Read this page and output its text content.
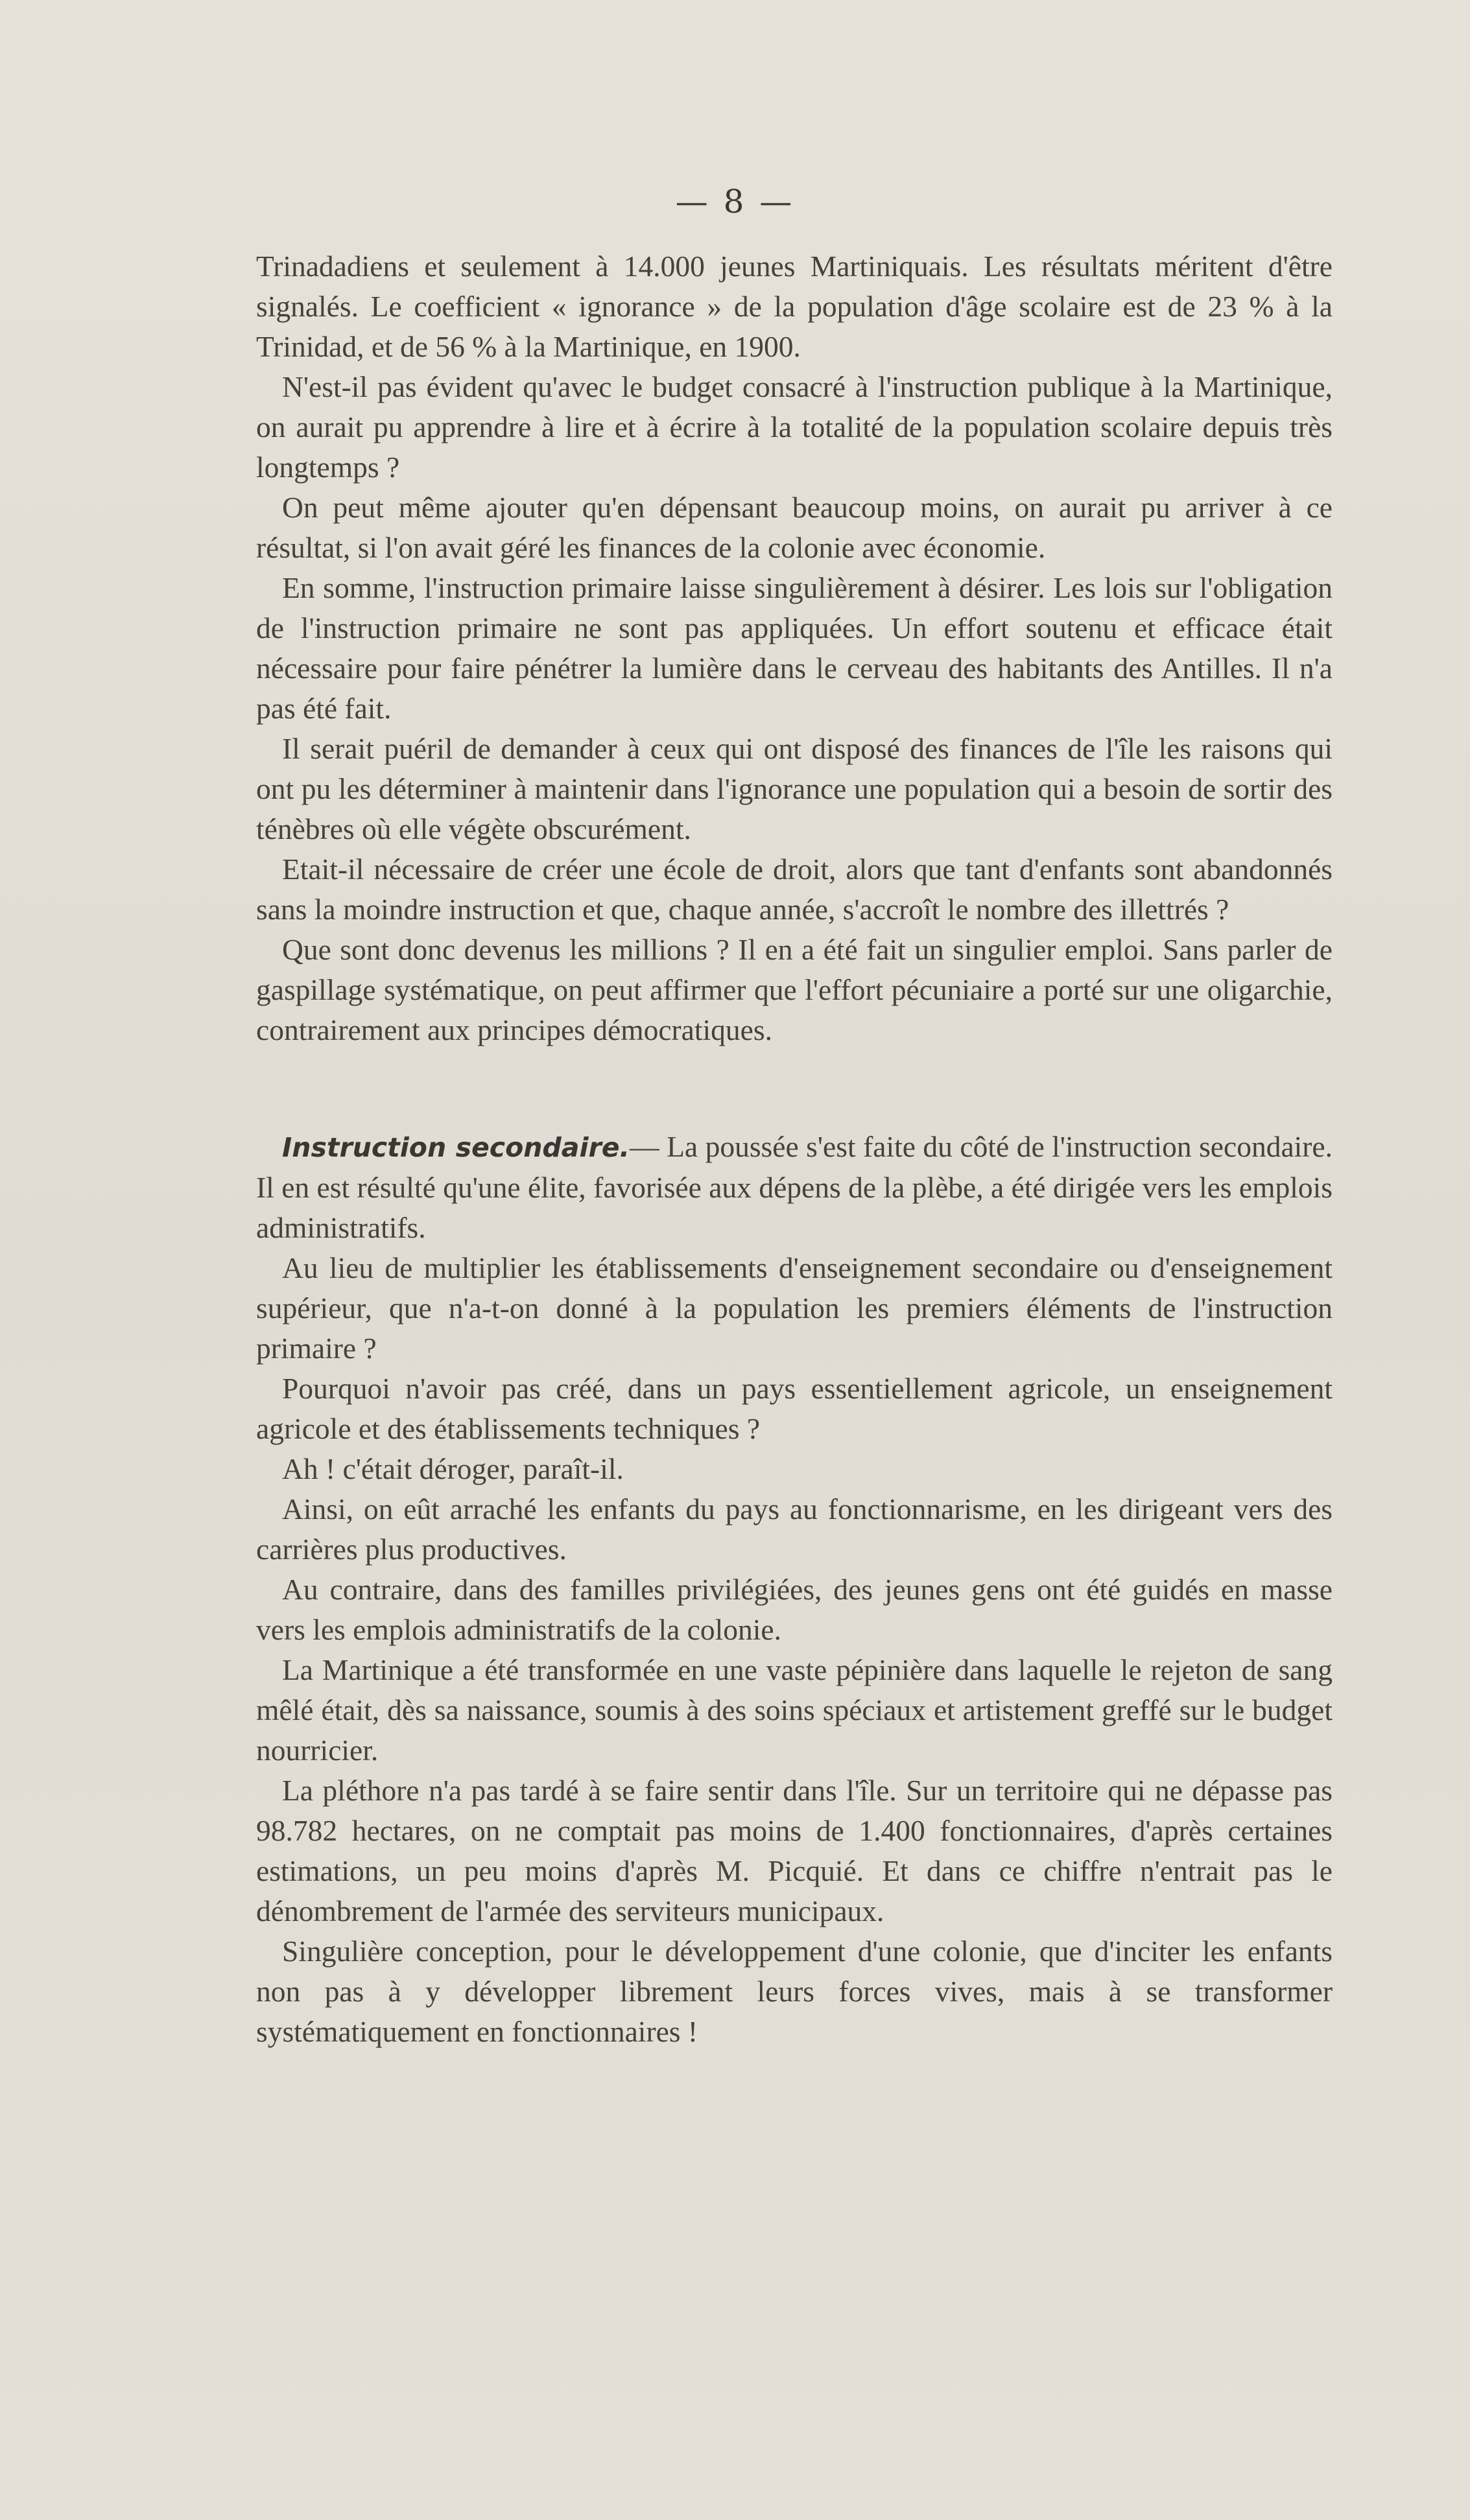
— 8 —

Trinadadiens et seulement à 14.000 jeunes Martiniquais. Les résultats méritent d'être signalés. Le coefficient « ignorance » de la population d'âge scolaire est de 23 % à la Trinidad, et de 56 % à la Martinique, en 1900.

N'est-il pas évident qu'avec le budget consacré à l'instruction publique à la Martinique, on aurait pu apprendre à lire et à écrire à la totalité de la population scolaire depuis très longtemps ?

On peut même ajouter qu'en dépensant beaucoup moins, on aurait pu arriver à ce résultat, si l'on avait géré les finances de la colonie avec économie.

En somme, l'instruction primaire laisse singulièrement à désirer. Les lois sur l'obligation de l'instruction primaire ne sont pas appliquées. Un effort soutenu et efficace était nécessaire pour faire pénétrer la lumière dans le cerveau des habitants des Antilles. Il n'a pas été fait.

Il serait puéril de demander à ceux qui ont disposé des finances de l'île les raisons qui ont pu les déterminer à maintenir dans l'ignorance une population qui a besoin de sortir des ténèbres où elle végète obscurément.

Etait-il nécessaire de créer une école de droit, alors que tant d'enfants sont abandonnés sans la moindre instruction et que, chaque année, s'accroît le nombre des illettrés ?

Que sont donc devenus les millions ? Il en a été fait un singulier emploi. Sans parler de gaspillage systématique, on peut affirmer que l'effort pécuniaire a porté sur une oligarchie, contrairement aux principes démocratiques.

Instruction secondaire.— La poussée s'est faite du côté de l'instruction secondaire. Il en est résulté qu'une élite, favorisée aux dépens de la plèbe, a été dirigée vers les emplois administratifs.

Au lieu de multiplier les établissements d'enseignement secondaire ou d'enseignement supérieur, que n'a-t-on donné à la population les premiers éléments de l'instruction primaire ?

Pourquoi n'avoir pas créé, dans un pays essentiellement agricole, un enseignement agricole et des établissements techniques ?

Ah ! c'était déroger, paraît-il.

Ainsi, on eût arraché les enfants du pays au fonctionnarisme, en les dirigeant vers des carrières plus productives.

Au contraire, dans des familles privilégiées, des jeunes gens ont été guidés en masse vers les emplois administratifs de la colonie.

La Martinique a été transformée en une vaste pépinière dans laquelle le rejeton de sang mêlé était, dès sa naissance, soumis à des soins spéciaux et artistement greffé sur le budget nourricier.

La pléthore n'a pas tardé à se faire sentir dans l'île. Sur un territoire qui ne dépasse pas 98.782 hectares, on ne comptait pas moins de 1.400 fonctionnaires, d'après certaines estimations, un peu moins d'après M. Picquié. Et dans ce chiffre n'entrait pas le dénombrement de l'armée des serviteurs municipaux.

Singulière conception, pour le développement d'une colonie, que d'inciter les enfants non pas à y développer librement leurs forces vives, mais à se transformer systématiquement en fonctionnaires !
